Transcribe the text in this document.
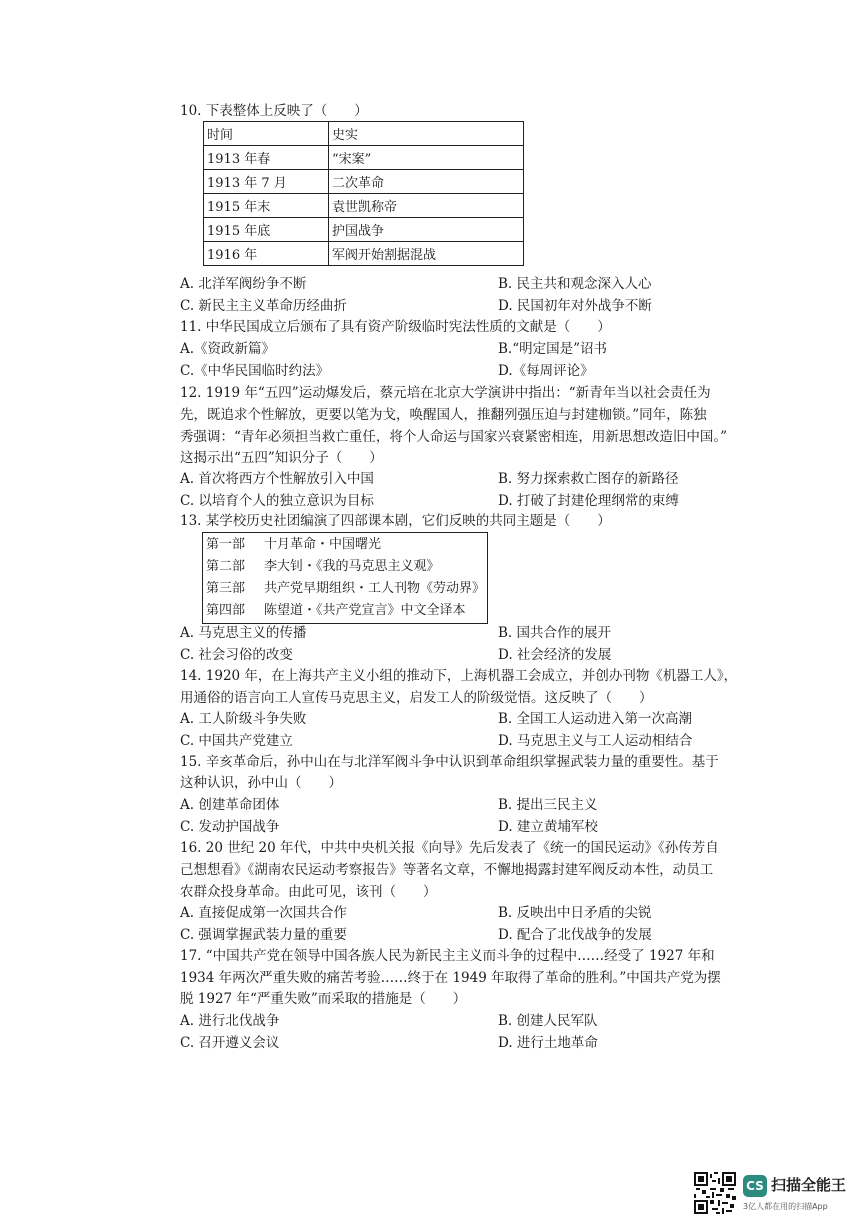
10. 下表整体上反映了（　　）
时间	史实
1913 年春	“宋案”
1913 年 7 月	二次革命
1915 年末	袁世凯称帝
1915 年底	护国战争
1916 年	军阀开始割据混战
A. 北洋军阀纷争不断	B. 民主共和观念深入人心
C. 新民主主义革命历经曲折	D. 民国初年对外战争不断
11. 中华民国成立后颁布了具有资产阶级临时宪法性质的文献是（　　）
A.《资政新篇》	B.“明定国是”诏书
C.《中华民国临时约法》	D.《每周评论》
12. 1919 年“五四”运动爆发后，蔡元培在北京大学演讲中指出：“新青年当以社会责任为
先，既追求个性解放，更要以笔为戈，唤醒国人，推翻列强压迫与封建枷锁。”同年，陈独
秀强调：“青年必须担当救亡重任，将个人命运与国家兴衰紧密相连，用新思想改造旧中国。”
这揭示出“五四”知识分子（　　）
A. 首次将西方个性解放引入中国	B. 努力探索救亡图存的新路径
C. 以培育个人的独立意识为目标	D. 打破了封建伦理纲常的束缚
13. 某学校历史社团编演了四部课本剧，它们反映的共同主题是（　　）
第一部 十月革命・中国曙光
第二部 李大钊・《我的马克思主义观》
第三部 共产党早期组织・工人刊物《劳动界》
第四部 陈望道・《共产党宣言》中文全译本
A. 马克思主义的传播	B. 国共合作的展开
C. 社会习俗的改变	D. 社会经济的发展
14. 1920 年，在上海共产主义小组的推动下，上海机器工会成立，并创办刊物《机器工人》，
用通俗的语言向工人宣传马克思主义，启发工人的阶级觉悟。这反映了（　　）
A. 工人阶级斗争失败	B. 全国工人运动进入第一次高潮
C. 中国共产党建立	D. 马克思主义与工人运动相结合
15. 辛亥革命后，孙中山在与北洋军阀斗争中认识到革命组织掌握武装力量的重要性。基于
这种认识，孙中山（　　）
A. 创建革命团体	B. 提出三民主义
C. 发动护国战争	D. 建立黄埔军校
16. 20 世纪 20 年代，中共中央机关报《向导》先后发表了《统一的国民运动》《孙传芳自
己想想看》《湖南农民运动考察报告》等著名文章，不懈地揭露封建军阀反动本性，动员工
农群众投身革命。由此可见，该刊（　　）
A. 直接促成第一次国共合作	B. 反映出中日矛盾的尖锐
C. 强调掌握武装力量的重要	D. 配合了北伐战争的发展
17. “中国共产党在领导中国各族人民为新民主主义而斗争的过程中……经受了 1927 年和
1934 年两次严重失败的痛苦考验……终于在 1949 年取得了革命的胜利。”中国共产党为摆
脱 1927 年“严重失败”而采取的措施是（　　）
A. 进行北伐战争	B. 创建人民军队
C. 召开遵义会议	D. 进行土地革命
CS 扫描全能王
3亿人都在用的扫描App
